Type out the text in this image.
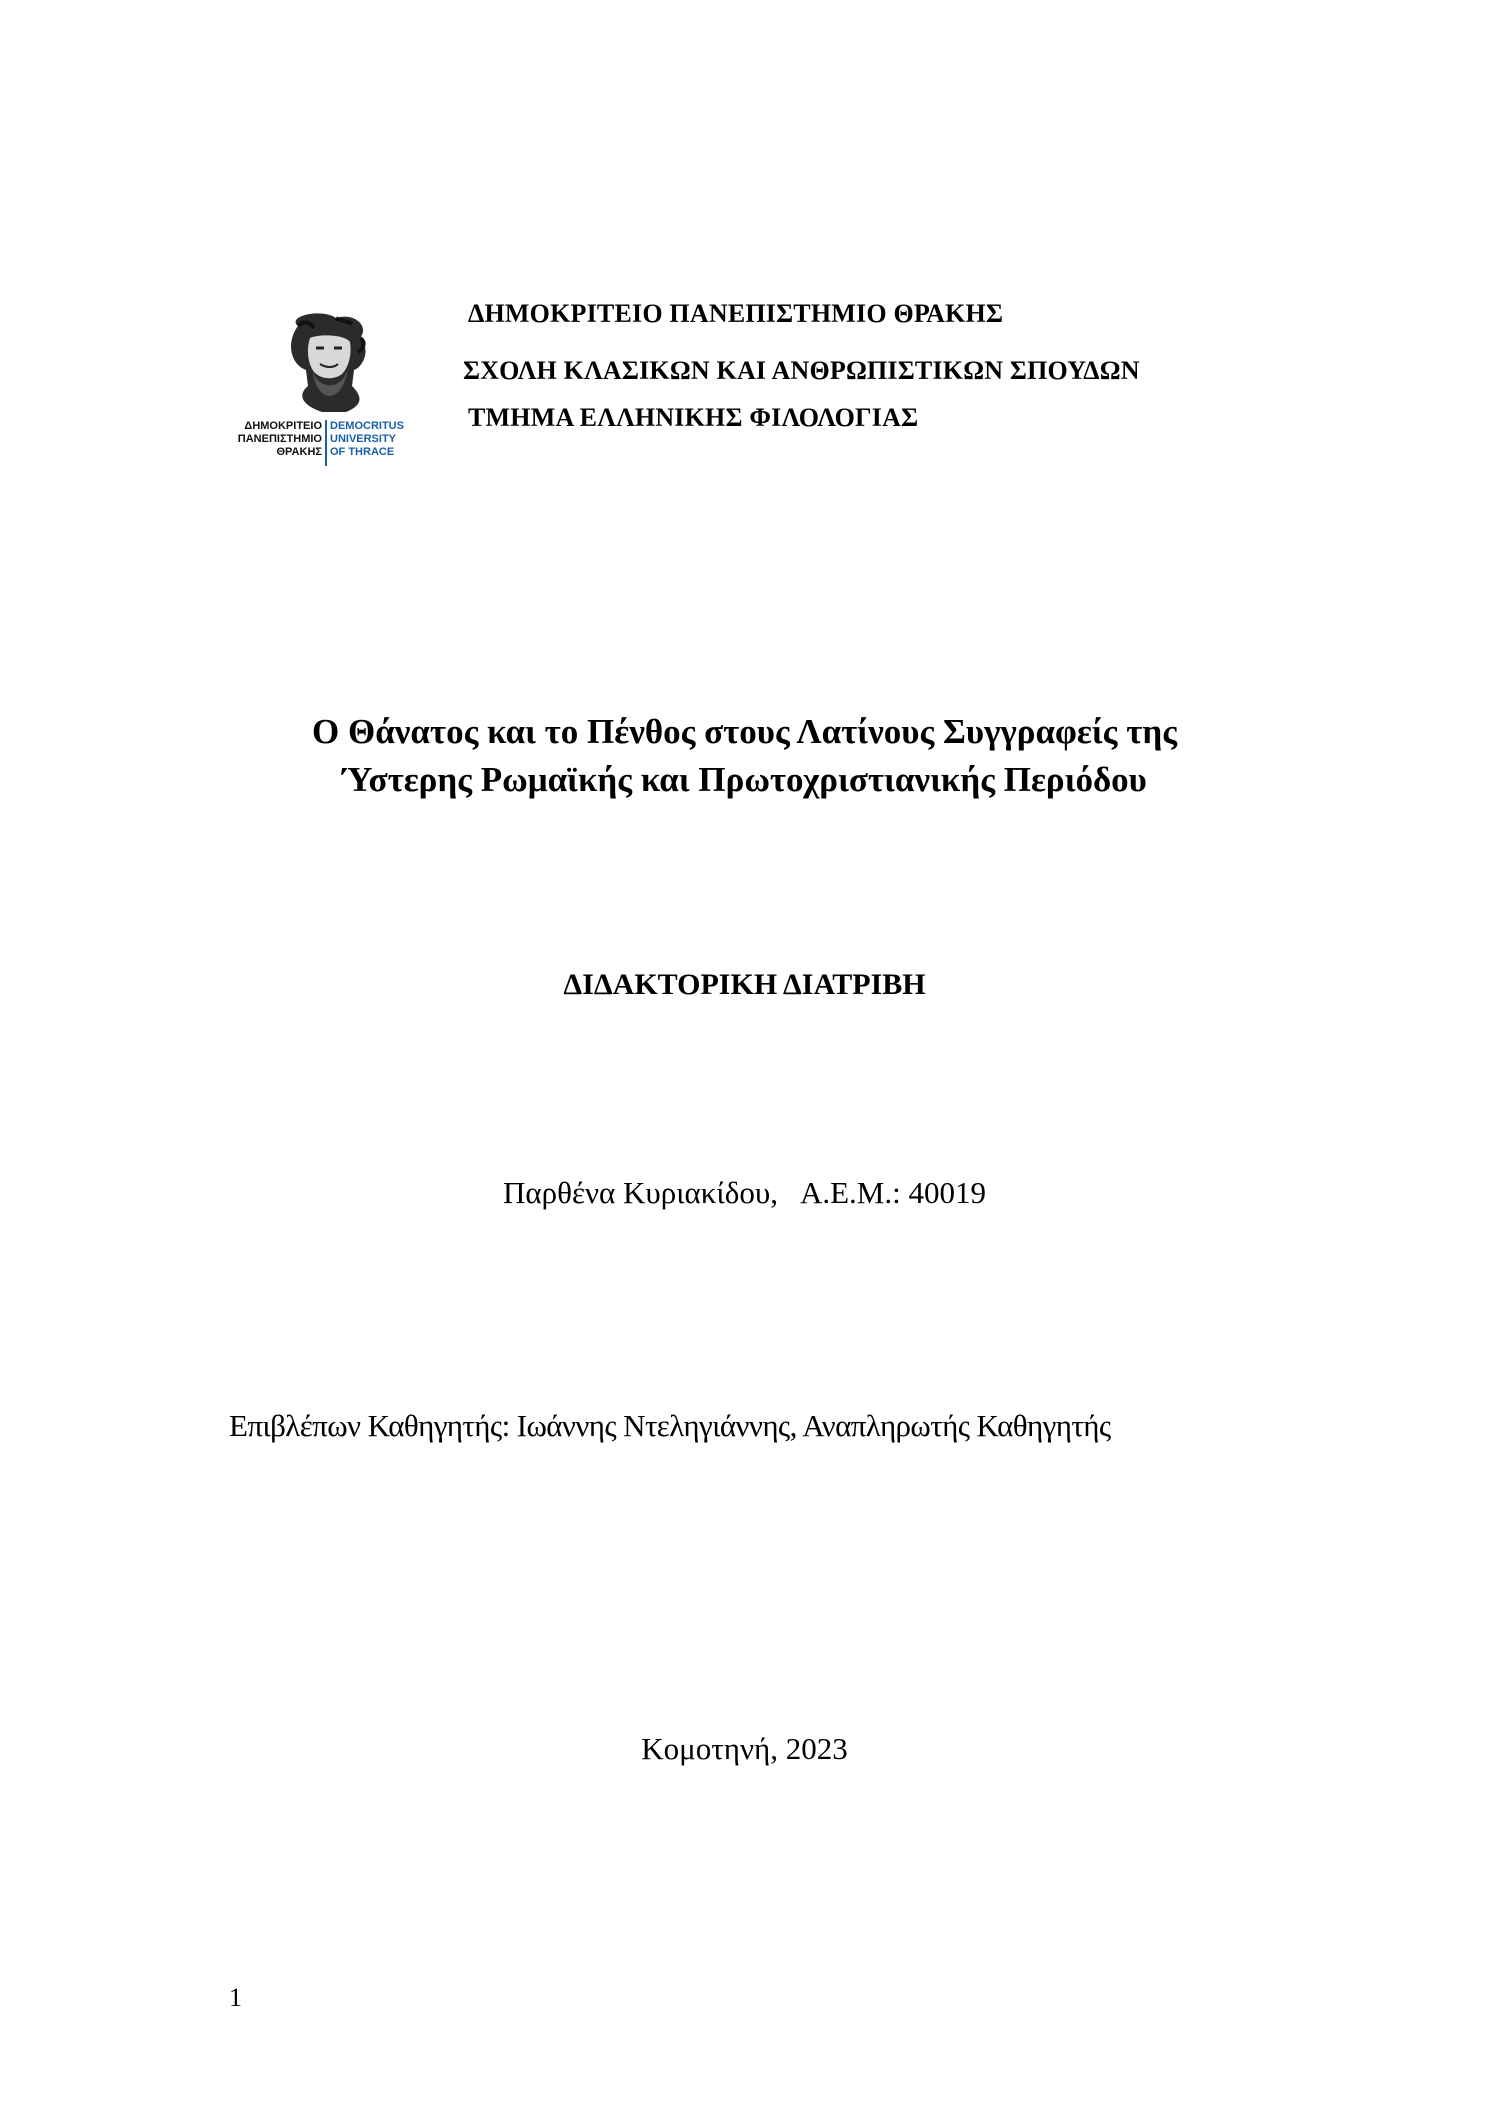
ΔΗΜΟΚΡΙΤΕΙΟ
ΠΑΝΕΠΙΣΤΗΜΙΟ
ΘΡΑΚΗΣ
DEMOCRITUS
UNIVERSITY
OF THRACE
ΔΗΜΟΚΡΙΤΕΙΟ ΠΑΝΕΠΙΣΤΗΜΙΟ ΘΡΑΚΗΣ
ΣΧΟΛΗ ΚΛΑΣΙΚΩΝ ΚΑΙ ΑΝΘΡΩΠΙΣΤΙΚΩΝ ΣΠΟΥΔΩΝ
ΤΜΗΜΑ ΕΛΛΗΝΙΚΗΣ ΦΙΛΟΛΟΓΙΑΣ
Ο Θάνατος και το Πένθος στους Λατίνους Συγγραφείς της
Ύστερης Ρωμαϊκής και Πρωτοχριστιανικής Περιόδου
ΔΙΔΑΚΤΟΡΙΚΗ ΔΙΑΤΡΙΒΗ
Παρθένα Κυριακίδου, Α.Ε.Μ.: 40019
Επιβλέπων Καθηγητής: Ιωάννης Ντεληγιάννης, Αναπληρωτής Καθηγητής
Κομοτηνή, 2023
1
